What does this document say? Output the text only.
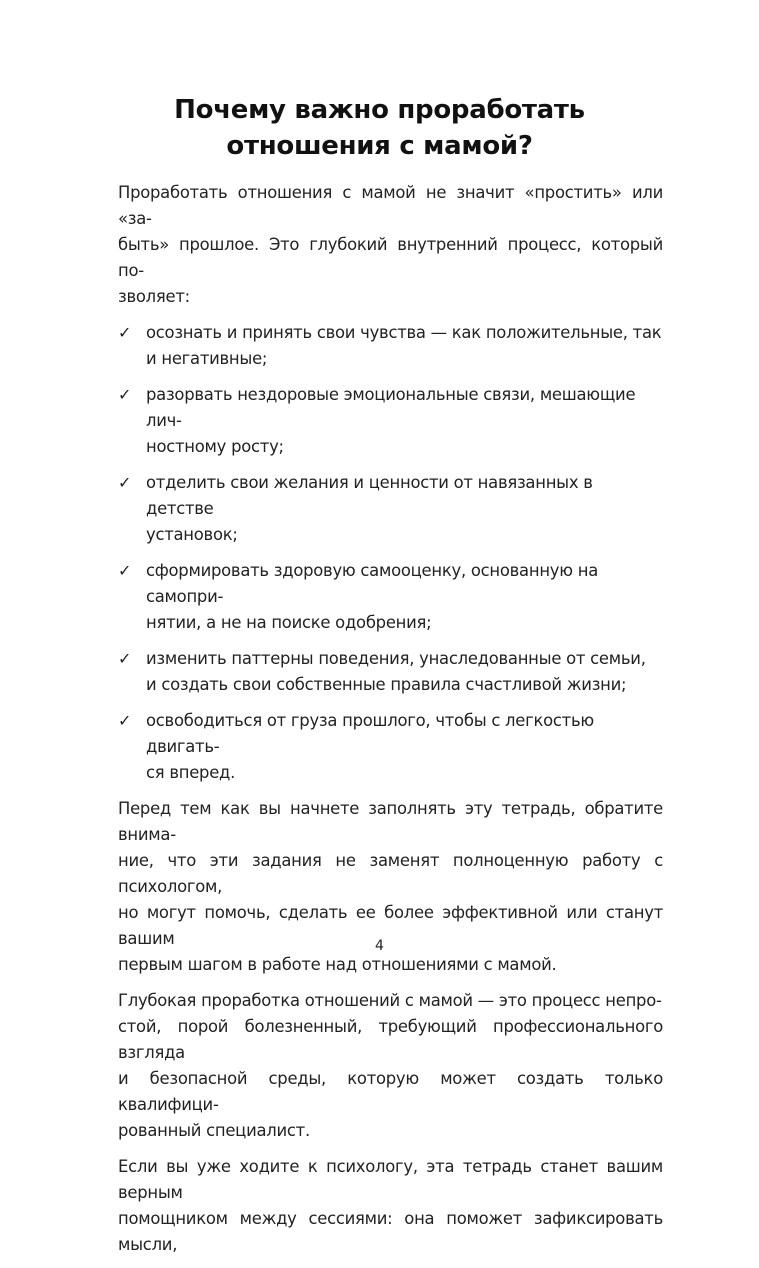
Почему важно проработать
отношения с мамой?

Проработать отношения с мамой не значит «простить» или «за-
быть» прошлое. Это глубокий внутренний процесс, который по-
зволяет:

✓ осознать и принять свои чувства — как положительные, так
и негативные;
✓ разорвать нездоровые эмоциональные связи, мешающие лич-
ностному росту;
✓ отделить свои желания и ценности от навязанных в детстве
установок;
✓ сформировать здоровую самооценку, основанную на самопри-
нятии, а не на поиске одобрения;
✓ изменить паттерны поведения, унаследованные от семьи,
и создать свои собственные правила счастливой жизни;
✓ освободиться от груза прошлого, чтобы с легкостью двигать-
ся вперед.

Перед тем как вы начнете заполнять эту тетрадь, обратите внима-
ние, что эти задания не заменят полноценную работу с психологом,
но могут помочь, сделать ее более эффективной или станут вашим
первым шагом в работе над отношениями с мамой.

Глубокая проработка отношений с мамой — это процесс непро-
стой, порой болезненный, требующий профессионального взгляда
и безопасной среды, которую может создать только квалифици-
рованный специалист.

Если вы уже ходите к психологу, эта тетрадь станет вашим верным
помощником между сессиями: она поможет зафиксировать мысли,

4
